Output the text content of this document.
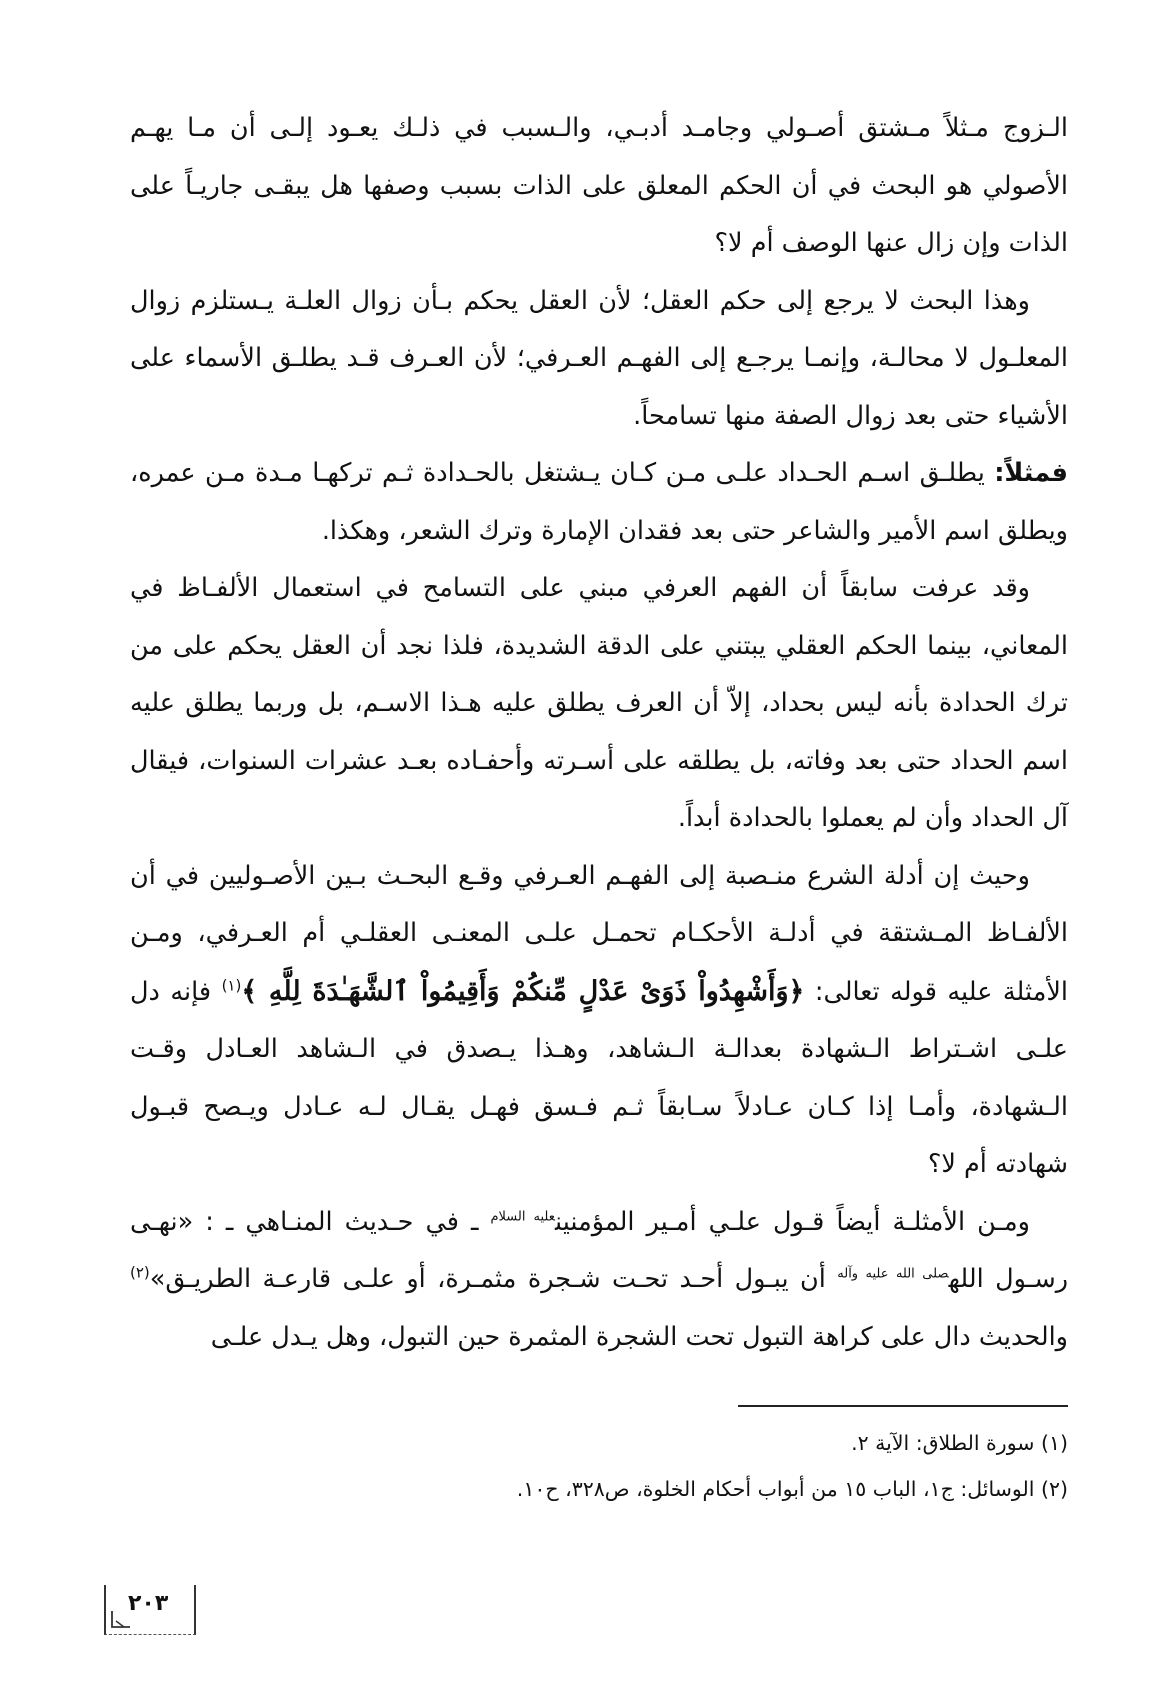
الـزوج مـثلاً مـشتق أصـولي وجامـد أدبـي، والـسبب في ذلـك يعـود إلـى أن مـا يهـم الأصولي هو البحث في أن الحكم المعلق على الذات بسبب وصفها هل يبقـى جاريـاً على الذات وإن زال عنها الوصف أم لا؟

وهذا البحث لا يرجع إلى حكم العقل؛ لأن العقل يحكم بـأن زوال العلـة يـستلزم زوال المعلـول لا محالـة، وإنمـا يرجـع إلى الفهـم العـرفي؛ لأن العـرف قـد يطلـق الأسماء على الأشياء حتى بعد زوال الصفة منها تسامحاً.

فمثلاً: يطلـق اسـم الحـداد علـى مـن كـان يـشتغل بالحـدادة ثـم تركهـا مـدة مـن عمره، ويطلق اسم الأمير والشاعر حتى بعد فقدان الإمارة وترك الشعر، وهكذا.

وقد عرفت سابقاً أن الفهم العرفي مبني على التسامح في استعمال الألفـاظ في المعاني، بينما الحكم العقلي يبتني على الدقة الشديدة، فلذا نجد أن العقل يحكم على من ترك الحدادة بأنه ليس بحداد، إلاّ أن العرف يطلق عليه هـذا الاسـم، بل وربما يطلق عليه اسم الحداد حتى بعد وفاته، بل يطلقه على أسـرته وأحفـاده بعـد عشرات السنوات، فيقال آل الحداد وأن لم يعملوا بالحدادة أبداً.

وحيث إن أدلة الشرع منـصبة إلى الفهـم العـرفي وقـع البحـث بـين الأصـوليين في أن الألفـاظ المـشتقة في أدلـة الأحكـام تحمـل علـى المعنـى العقلـي أم العـرفي، ومـن الأمثلة عليه قوله تعالى: ﴿وَأَشْهِدُواْ ذَوَىْ عَدْلٍ مِّنكُمْ وَأَقِيمُواْ ٱلشَّهَـٰدَةَ لِلَّهِ ﴾$^{(١)}$ فإنه دل علـى اشـتراط الـشهادة بعدالـة الـشاهد، وهـذا يـصدق في الـشاهد العـادل وقـت الـشهادة، وأمـا إذا كـان عـادلاً سـابقاً ثـم فـسق فهـل يقـال لـه عـادل ويـصح قبـول شهادته أم لا؟

ومـن الأمثلـة أيضاً قـول علـي أمـير المؤمنين$^{عليه السلام}$ ـ في حـديث المنـاهي ـ : «نهـى رسـول الله$^{صلى الله عليه وآله}$ أن يبـول أحـد تحـت شـجرة مثمـرة، أو علـى قارعـة الطريـق»$^{(٢)}$ والحديث دال على كراهة التبول تحت الشجرة المثمرة حين التبول، وهل يـدل علـى

(١) سورة الطلاق: الآية ٢.

(٢) الوسائل: ج١، الباب ١٥ من أبواب أحكام الخلوة، ص٣٢٨، ح١٠.

٢٠٣
